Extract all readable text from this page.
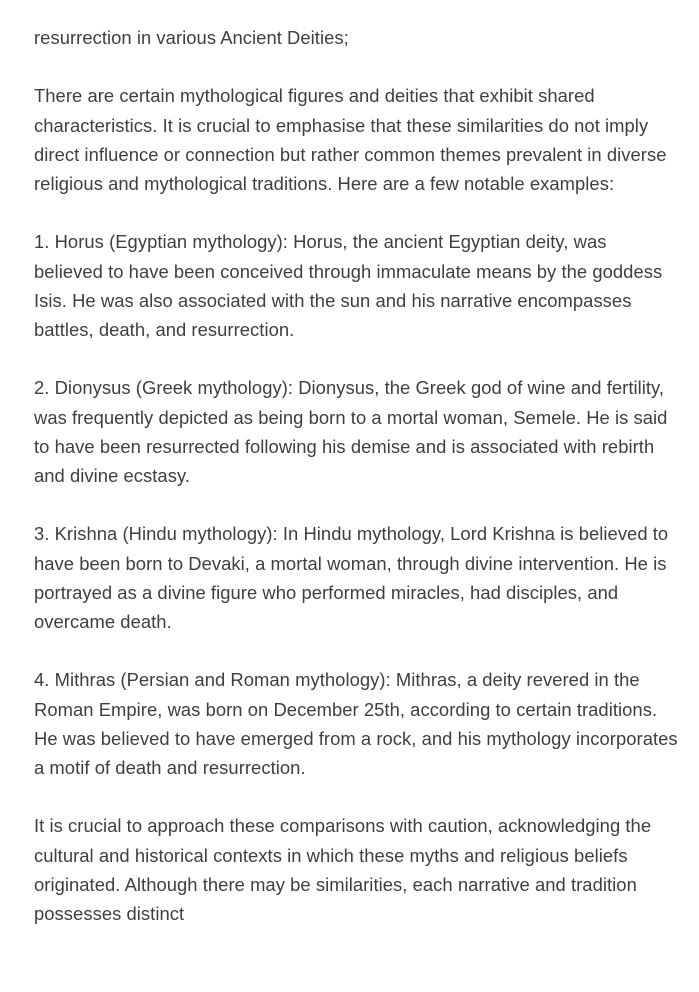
resurrection in various Ancient Deities;

There are certain mythological figures and deities that exhibit shared characteristics. It is crucial to emphasise that these similarities do not imply direct influence or connection but rather common themes prevalent in diverse religious and mythological traditions. Here are a few notable examples:

1. Horus (Egyptian mythology): Horus, the ancient Egyptian deity, was believed to have been conceived through immaculate means by the goddess Isis. He was also associated with the sun and his narrative encompasses battles, death, and resurrection.

2. Dionysus (Greek mythology): Dionysus, the Greek god of wine and fertility, was frequently depicted as being born to a mortal woman, Semele. He is said to have been resurrected following his demise and is associated with rebirth and divine ecstasy.

3. Krishna (Hindu mythology): In Hindu mythology, Lord Krishna is believed to have been born to Devaki, a mortal woman, through divine intervention. He is portrayed as a divine figure who performed miracles, had disciples, and overcame death.

4. Mithras (Persian and Roman mythology): Mithras, a deity revered in the Roman Empire, was born on December 25th, according to certain traditions. He was believed to have emerged from a rock, and his mythology incorporates a motif of death and resurrection.

It is crucial to approach these comparisons with caution, acknowledging the cultural and historical contexts in which these myths and religious beliefs originated. Although there may be similarities, each narrative and tradition possesses distinct
